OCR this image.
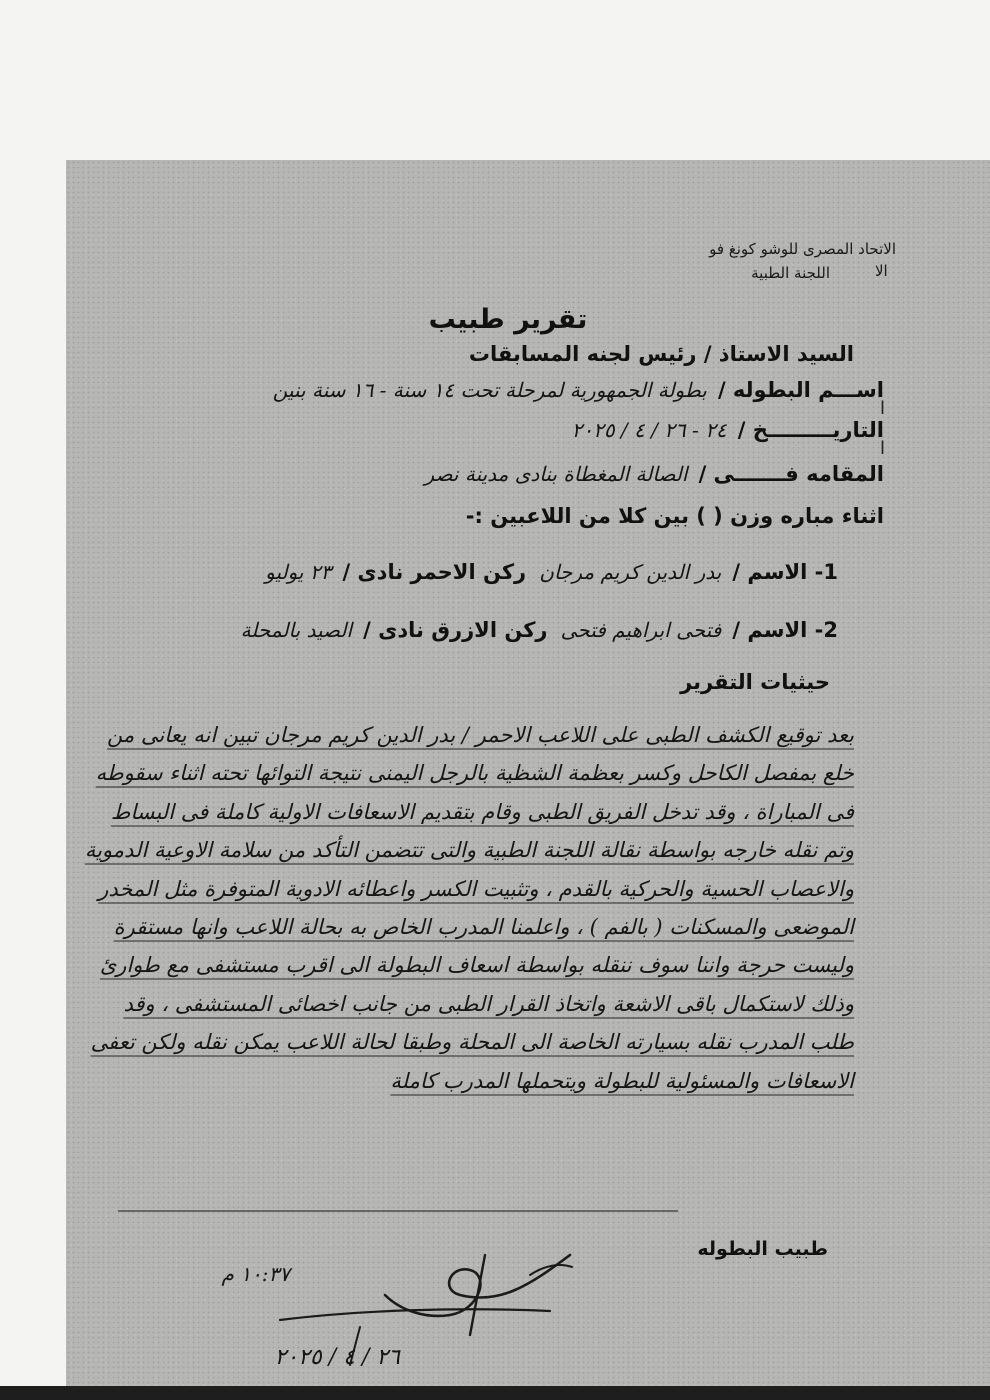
الاتحاد المصرى للوشو كونغ فو
اللجنة الطبية	الا
تقرير طبيب
السيد الاستاذ / رئيس لجنه المسابقات
اســـم البطوله / بطولة الجمهورية لمرحلة تحت ١٤ سنة - ١٦ سنة بنين
ا
التاريـــــــــخ / ٢٤ - ٢٦ / ٤ / ٢٠٢٥
ا
المقامه فـــــــى / الصالة المغطاة بنادى مدينة نصر
اثناء مباره وزن ( ) بين كلا من اللاعبين :-
1- الاسم / بدر الدين كريم مرجان ركن الاحمر نادى / ٢٣ يوليو
2- الاسم / فتحى ابراهيم فتحى ركن الازرق نادى / الصيد بالمحلة
حيثيات التقرير
بعد توقيع الكشف الطبى على اللاعب الاحمر / بدر الدين كريم مرجان تبين انه يعانى من خلع بمفصل الكاحل وكسر بعظمة الشظية بالرجل اليمنى نتيجة التوائها تحته اثناء سقوطه فى المباراة ، وقد تدخل الفريق الطبى وقام بتقديم الاسعافات الاولية كاملة فى البساط وتم نقله خارجه بواسطة نقالة اللجنة الطبية والتى تتضمن التأكد من سلامة الاوعية الدموية والاعصاب الحسية والحركية بالقدم ، وتثبيت الكسر واعطائه الادوية المتوفرة مثل المخدر الموضعى والمسكنات ( بالفم ) ، واعلمنا المدرب الخاص به بحالة اللاعب وانها مستقرة وليست حرجة واننا سوف ننقله بواسطة اسعاف البطولة الى اقرب مستشفى مع طوارئ وذلك لاستكمال باقى الاشعة واتخاذ القرار الطبى من جانب اخصائى المستشفى ، وقد طلب المدرب نقله بسيارته الخاصة الى المحلة وطبقا لحالة اللاعب يمكن نقله ولكن تعفى الاسعافات والمسئولية للبطولة ويتحملها المدرب كاملة
طبيب البطوله
١٠:٣٧ م
٢٦ / ٤ / ٢٠٢٥
